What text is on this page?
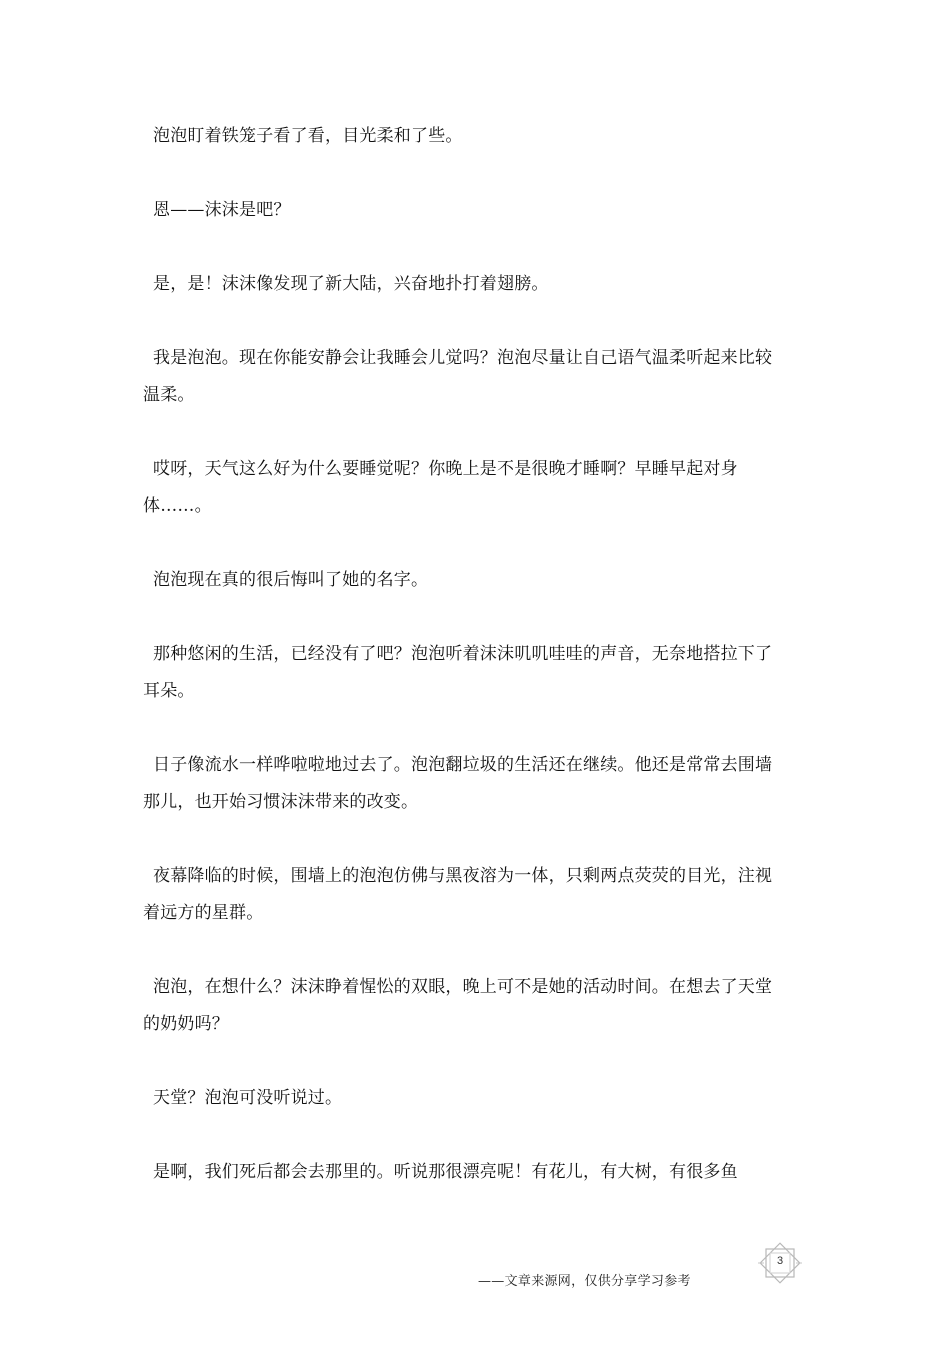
泡泡盯着铁笼子看了看，目光柔和了些。

恩——沫沫是吧？

是，是！沫沫像发现了新大陆，兴奋地扑打着翅膀。

我是泡泡。现在你能安静会让我睡会儿觉吗？泡泡尽量让自己语气温柔听起来比较温柔。

哎呀，天气这么好为什么要睡觉呢？你晚上是不是很晚才睡啊？早睡早起对身体……。

泡泡现在真的很后悔叫了她的名字。

那种悠闲的生活，已经没有了吧？泡泡听着沫沫叽叽哇哇的声音，无奈地搭拉下了耳朵。

日子像流水一样哗啦啦地过去了。泡泡翻垃圾的生活还在继续。他还是常常去围墙那儿，也开始习惯沫沫带来的改变。

夜幕降临的时候，围墙上的泡泡仿佛与黑夜溶为一体，只剩两点荧荧的目光，注视着远方的星群。

泡泡，在想什么？沫沫睁着惺忪的双眼，晚上可不是她的活动时间。在想去了天堂的奶奶吗？

天堂？泡泡可没听说过。

是啊，我们死后都会去那里的。听说那很漂亮呢！有花儿，有大树，有很多鱼

——文章来源网，仅供分享学习参考
3
